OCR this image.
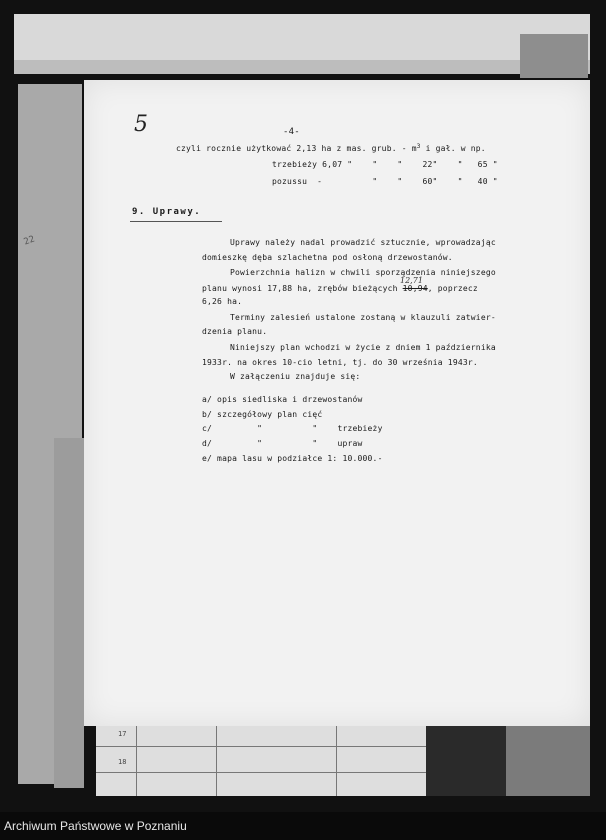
22
5	-4-
czyli rocznie użytkować 2,13 ha z mas. grub. - $m^3$ i gał. w np.
trzebieży 6,07 "    "    "    22"    "   65 "
pozussu  -          "    "    60"    "   40 "
9. Uprawy.
Uprawy należy nadal prowadzić sztucznie, wprowadzając
domieszkę dęba szlachetna pod osłoną drzewostanów.
Powierzchnia halizn w chwili sporządzenia niniejszego
12,71
planu wynosi 17,88 ha, zrębów bieżących 10,94, poprzecz
6,26 ha.
Terminy zalesień ustalone zostaną w klauzuli zatwier-
dzenia planu.
Niniejszy plan wchodzi w życie z dniem 1 października
1933r. na okres 10-cio letni, tj. do 30 września 1943r.
W załączeniu znajduje się:
a/ opis siedliska i drzewostanów
b/ szczegółowy plan cięć
c/         "          "    trzebieży
d/         "          "    upraw
e/ mapa lasu w podziałce 1: 10.000.-
17
18
Archiwum Państwowe w Poznaniu
